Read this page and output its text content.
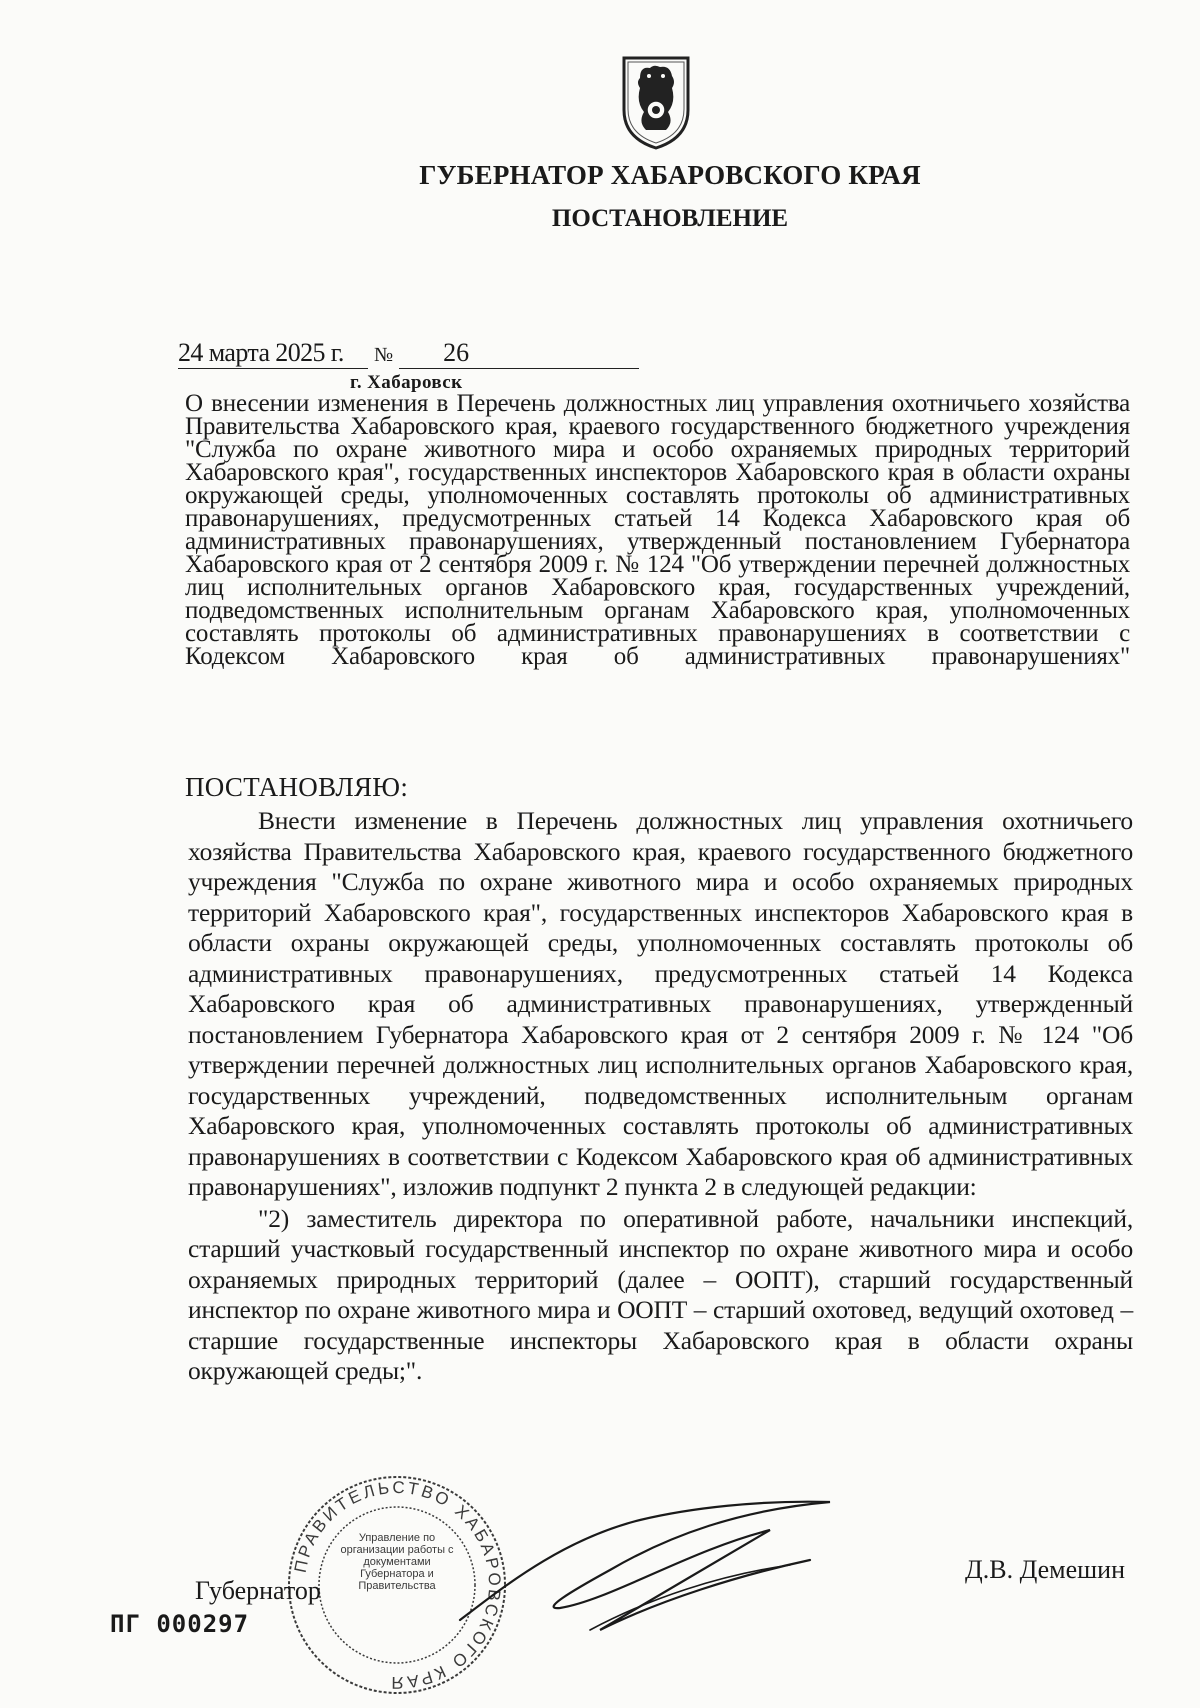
ГУБЕРНАТОР ХАБАРОВСКОГО КРАЯ
ПОСТАНОВЛЕНИЕ
24 марта 2025 г. № 26
г. Хабаровск
О внесении изменения в Перечень должностных лиц управления охотничьего хозяйства Правительства Хабаровского края, краевого государственного бюджетного учреждения "Служба по охране животного мира и особо охраняемых природных территорий Хабаровского края", государственных инспекторов Хабаровского края в области охраны окружающей среды, уполномоченных составлять протоколы об административных правонарушениях, предусмотренных статьей 14 Кодекса Хабаровского края об административных правонарушениях, утвержденный постановлением Губернатора Хабаровского края от 2 сентября 2009 г. № 124 "Об утверждении перечней должностных лиц исполнительных органов Хабаровского края, государственных учреждений, подведомственных исполнительным органам Хабаровского края, уполномоченных составлять протоколы об административных правонарушениях в соответствии с Кодексом Хабаровского края об административных правонарушениях"
ПОСТАНОВЛЯЮ:

Внести изменение в Перечень должностных лиц управления охотничьего хозяйства Правительства Хабаровского края, краевого государственного бюджетного учреждения "Служба по охране животного мира и особо охраняемых природных территорий Хабаровского края", государственных инспекторов Хабаровского края в области охраны окружающей среды, уполномоченных составлять протоколы об административных правонарушениях, предусмотренных статьей 14 Кодекса Хабаровского края об административных правонарушениях, утвержденный постановлением Губернатора Хабаровского края от 2 сентября 2009 г. № 124 "Об утверждении перечней должностных лиц исполнительных органов Хабаровского края, государственных учреждений, подведомственных исполнительным органам Хабаровского края, уполномоченных составлять протоколы об административных правонарушениях в соответствии с Кодексом Хабаровского края об административных правонарушениях", изложив подпункт 2 пункта 2 в следующей редакции:

"2) заместитель директора по оперативной работе, начальники инспекций, старший участковый государственный инспектор по охране животного мира и особо охраняемых природных территорий (далее – ООПТ), старший государственный инспектор по охране животного мира и ООПТ – старший охотовед, ведущий охотовед – старшие государственные инспекторы Хабаровского края в области охраны окружающей среды;".

ПРАВИТЕЛЬСТВО ХАБАРОВСКОГО КРАЯ
Управление по организации работы с документами Губернатора и Правительства
Губернатор
Д.В. Демешин
ПГ 000297
